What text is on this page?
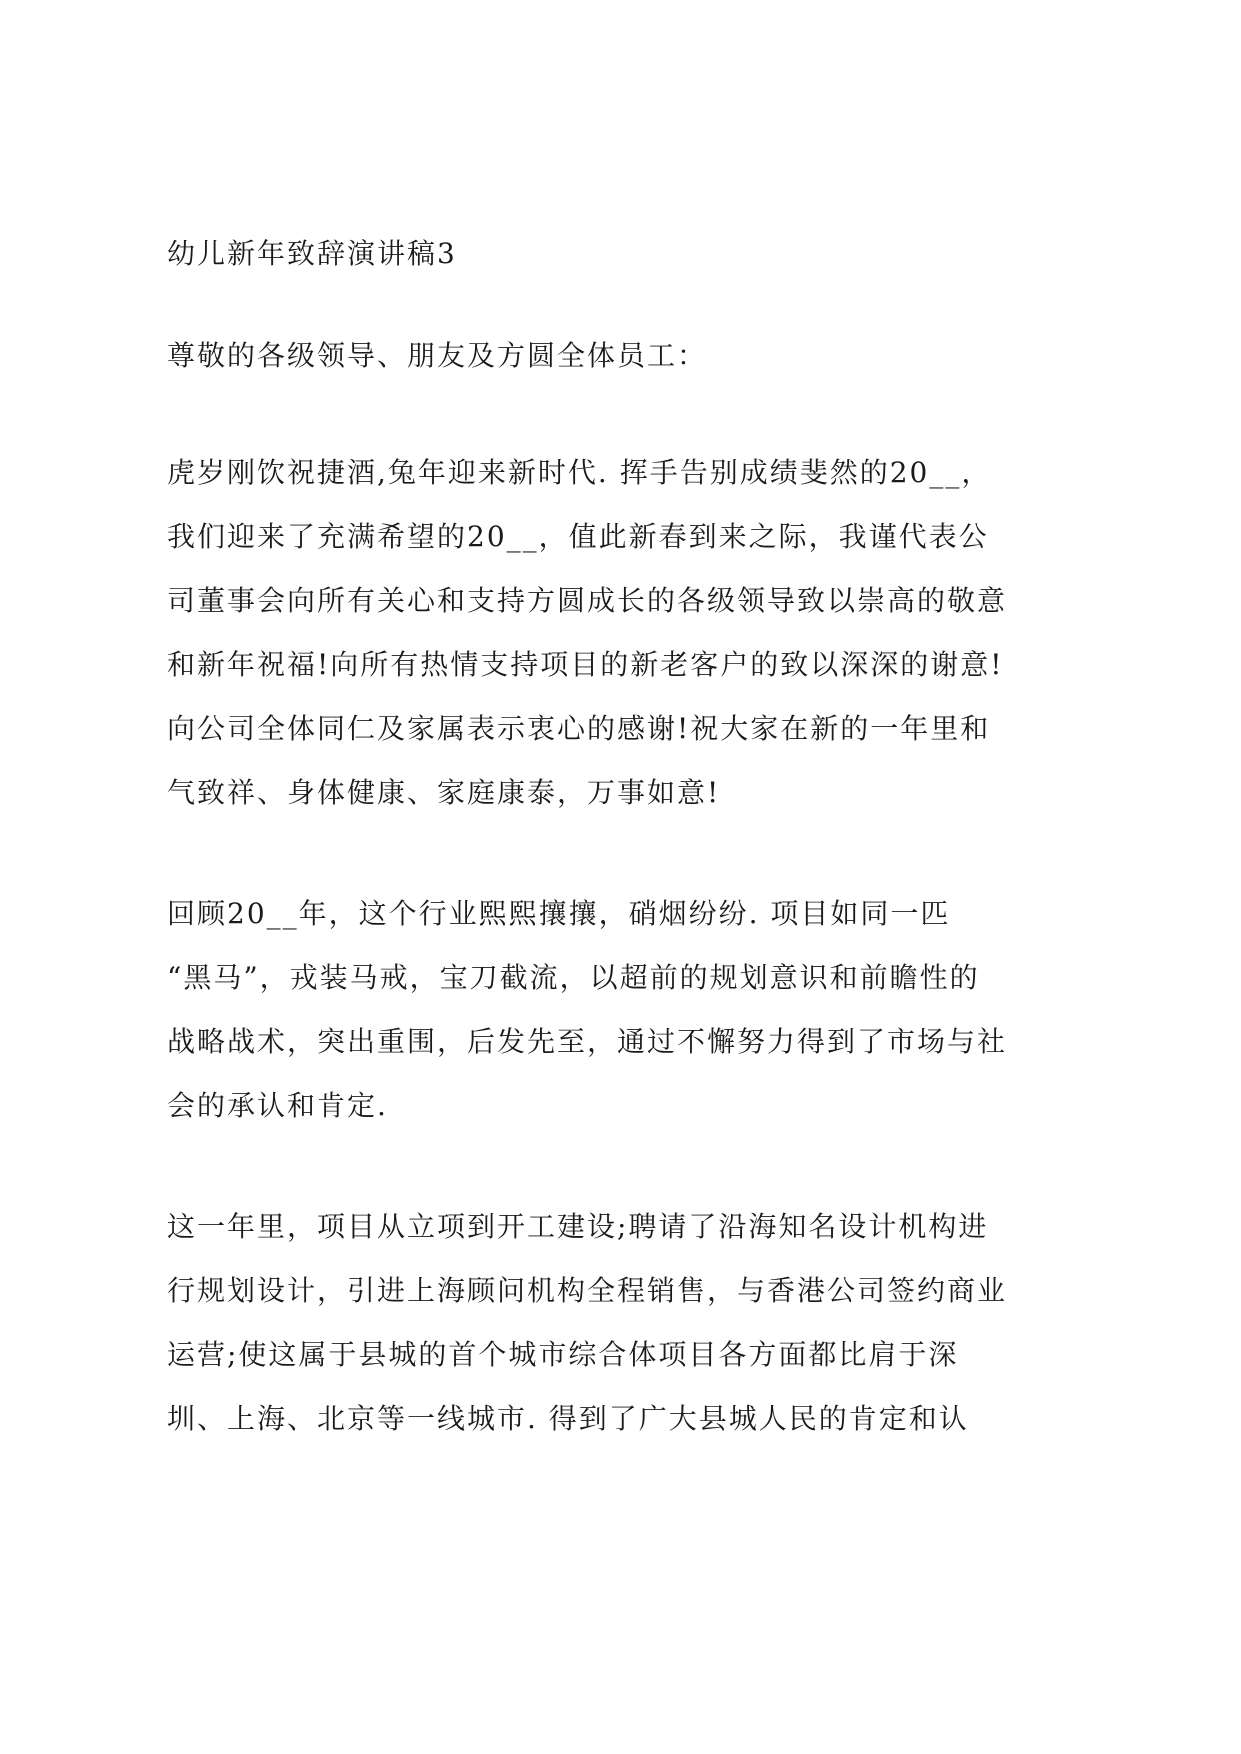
幼儿新年致辞演讲稿3
尊敬的各级领导、朋友及方圆全体员工：
虎岁刚饮祝捷酒,兔年迎来新时代. 挥手告别成绩斐然的20__，
我们迎来了充满希望的20__，值此新春到来之际，我谨代表公
司董事会向所有关心和支持方圆成长的各级领导致以崇高的敬意
和新年祝福!向所有热情支持项目的新老客户的致以深深的谢意!
向公司全体同仁及家属表示衷心的感谢!祝大家在新的一年里和
气致祥、身体健康、家庭康泰，万事如意!
回顾20__年，这个行业熙熙攘攘，硝烟纷纷. 项目如同一匹
“黑马”，戎装马戒，宝刀截流，以超前的规划意识和前瞻性的
战略战术，突出重围，后发先至，通过不懈努力得到了市场与社
会的承认和肯定.
这一年里，项目从立项到开工建设;聘请了沿海知名设计机构进
行规划设计，引进上海顾问机构全程销售，与香港公司签约商业
运营;使这属于县城的首个城市综合体项目各方面都比肩于深
圳、上海、北京等一线城市. 得到了广大县城人民的肯定和认
